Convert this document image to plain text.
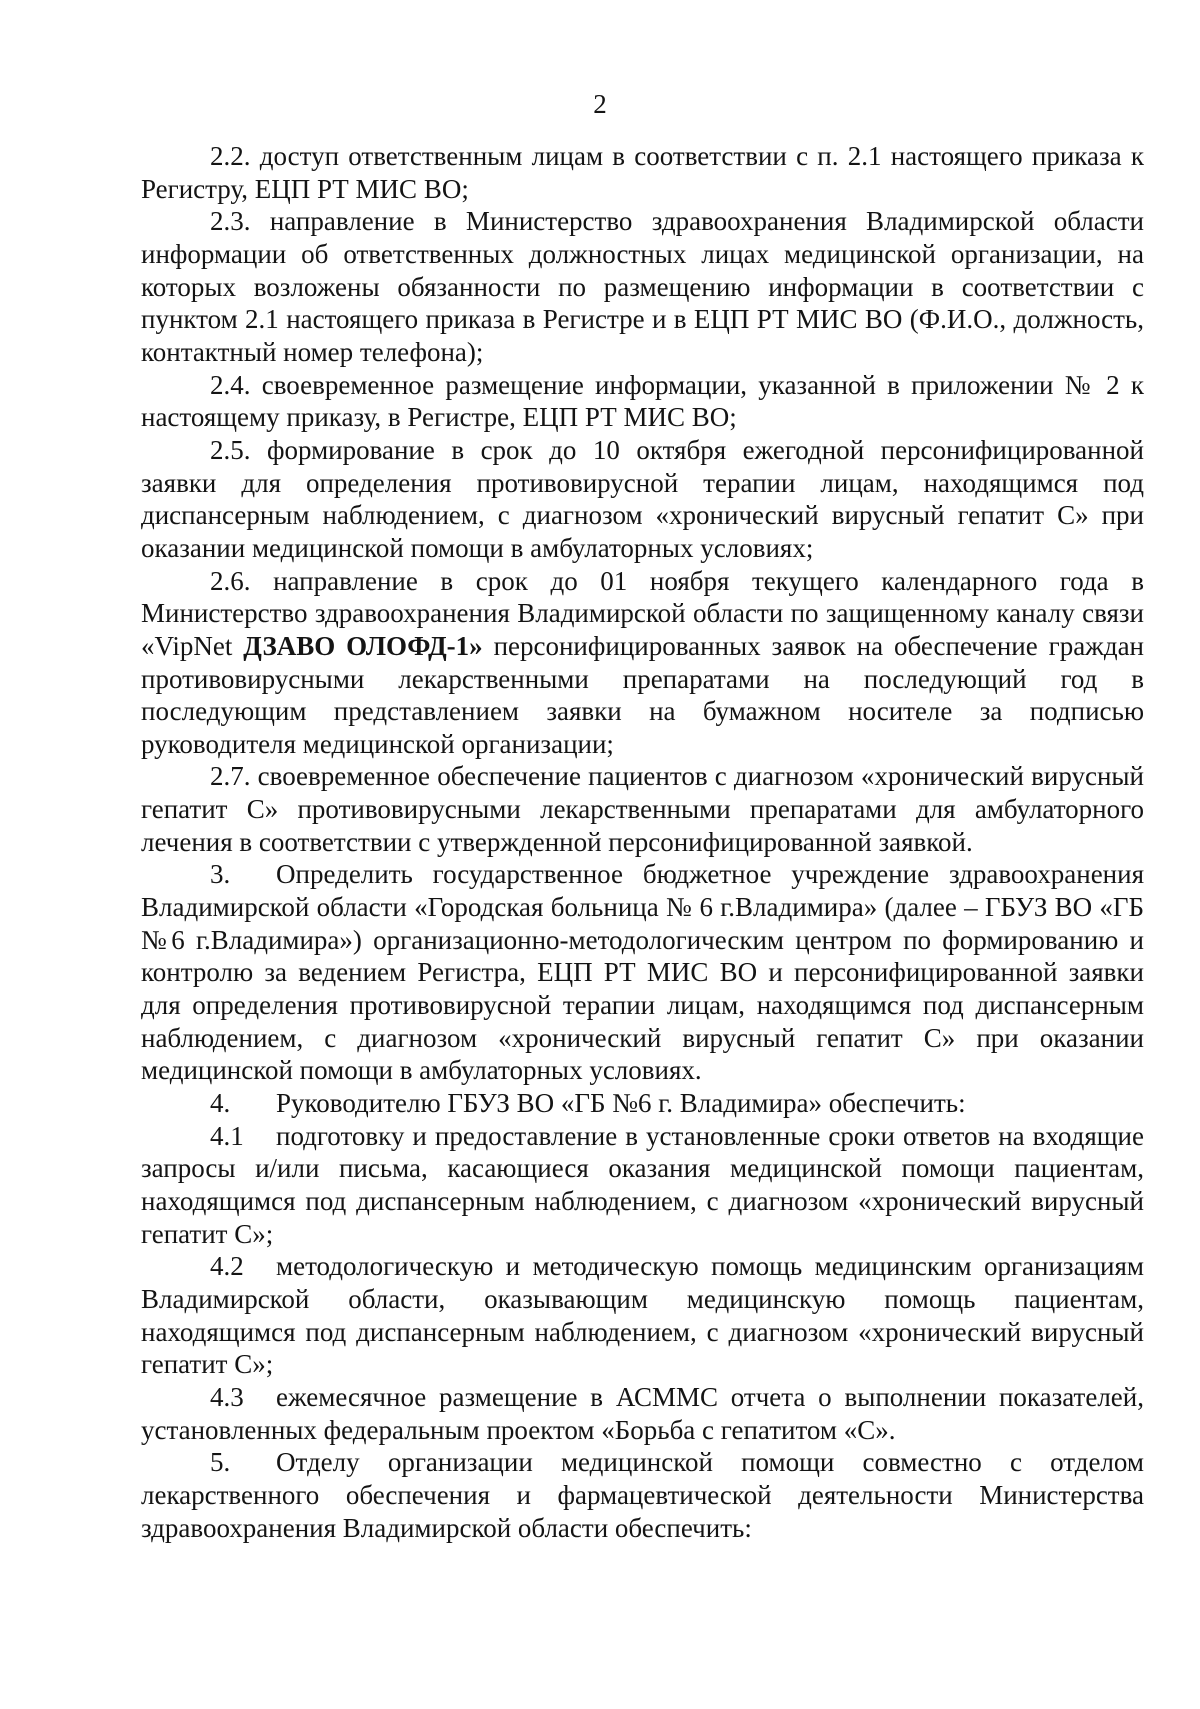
2

2.2. доступ ответственным лицам в соответствии с п. 2.1 настоящего приказа к Регистру, ЕЦП РТ МИС ВО;

2.3. направление в Министерство здравоохранения Владимирской области информации об ответственных должностных лицах медицинской организации, на которых возложены обязанности по размещению информации в соответствии с пунктом 2.1 настоящего приказа в Регистре и в ЕЦП РТ МИС ВО (Ф.И.О., должность, контактный номер телефона);

2.4. своевременное размещение информации, указанной в приложении № 2 к настоящему приказу, в Регистре, ЕЦП РТ МИС ВО;

2.5. формирование в срок до 10 октября ежегодной персонифицированной заявки для определения противовирусной терапии лицам, находящимся под диспансерным наблюдением, с диагнозом «хронический вирусный гепатит С» при оказании медицинской помощи в амбулаторных условиях;

2.6. направление в срок до 01 ноября текущего календарного года в Министерство здравоохранения Владимирской области по защищенному каналу связи «VipNet ДЗАВО ОЛОФД-1» персонифицированных заявок на обеспечение граждан противовирусными лекарственными препаратами на последующий год в последующим представлением заявки на бумажном носителе за подписью руководителя медицинской организации;

2.7. своевременное обеспечение пациентов с диагнозом «хронический вирусный гепатит С» противовирусными лекарственными препаратами для амбулаторного лечения в соответствии с утвержденной персонифицированной заявкой.

3. Определить государственное бюджетное учреждение здравоохранения Владимирской области «Городская больница № 6 г.Владимира» (далее – ГБУЗ ВО «ГБ №6 г.Владимира») организационно-методологическим центром по формированию и контролю за ведением Регистра, ЕЦП РТ МИС ВО и персонифицированной заявки для определения противовирусной терапии лицам, находящимся под диспансерным наблюдением, с диагнозом «хронический вирусный гепатит С» при оказании медицинской помощи в амбулаторных условиях.

4. Руководителю ГБУЗ ВО «ГБ №6 г. Владимира» обеспечить:

4.1 подготовку и предоставление в установленные сроки ответов на входящие запросы и/или письма, касающиеся оказания медицинской помощи пациентам, находящимся под диспансерным наблюдением, с диагнозом «хронический вирусный гепатит С»;

4.2 методологическую и методическую помощь медицинским организациям Владимирской области, оказывающим медицинскую помощь пациентам, находящимся под диспансерным наблюдением, с диагнозом «хронический вирусный гепатит С»;

4.3 ежемесячное размещение в АСММС отчета о выполнении показателей, установленных федеральным проектом «Борьба с гепатитом «С».

5. Отделу организации медицинской помощи совместно с отделом лекарственного обеспечения и фармацевтической деятельности Министерства здравоохранения Владимирской области обеспечить:
